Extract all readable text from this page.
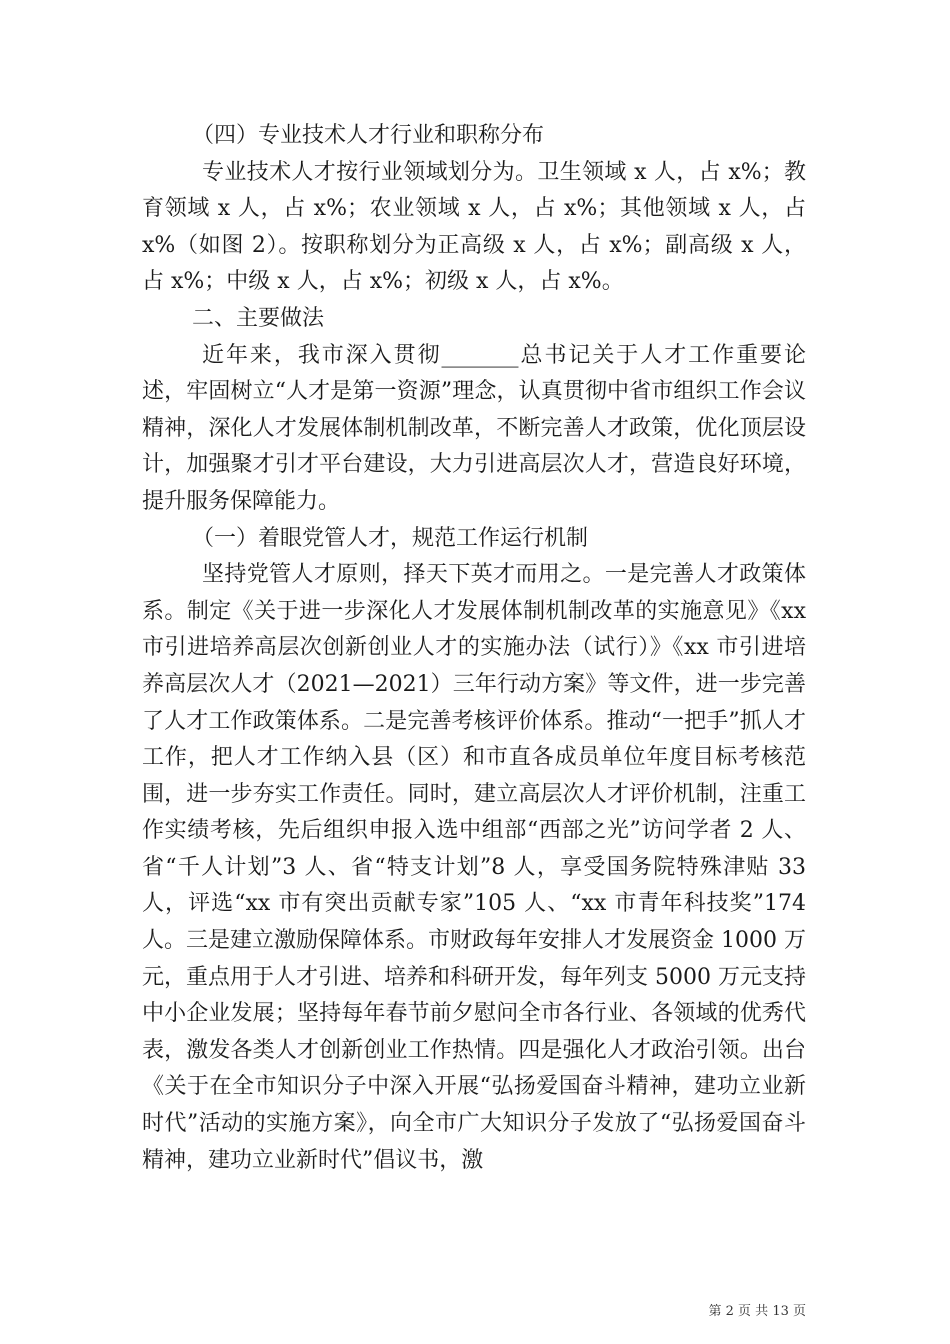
（四）专业技术人才行业和职称分布

专业技术人才按行业领域划分为。卫生领域 x 人，占 x%；教育领域 x 人，占 x%；农业领域 x 人，占 x%；其他领域 x 人，占 x%（如图 2）。按职称划分为正高级 x 人，占 x%；副高级 x 人，占 x%；中级 x 人，占 x%；初级 x 人，占 x%。

二、主要做法

近年来，我市深入贯彻_______总书记关于人才工作重要论述，牢固树立“人才是第一资源”理念，认真贯彻中省市组织工作会议精神，深化人才发展体制机制改革，不断完善人才政策，优化顶层设计，加强聚才引才平台建设，大力引进高层次人才，营造良好环境，提升服务保障能力。

（一）着眼党管人才，规范工作运行机制

坚持党管人才原则，择天下英才而用之。一是完善人才政策体系。制定《关于进一步深化人才发展体制机制改革的实施意见》《xx 市引进培养高层次创新创业人才的实施办法（试行）》《xx 市引进培养高层次人才（2021—2021）三年行动方案》等文件，进一步完善了人才工作政策体系。二是完善考核评价体系。推动“一把手”抓人才工作，把人才工作纳入县（区）和市直各成员单位年度目标考核范围，进一步夯实工作责任。同时，建立高层次人才评价机制，注重工作实绩考核，先后组织申报入选中组部“西部之光”访问学者 2 人、省“千人计划”3 人、省“特支计划”8 人，享受国务院特殊津贴 33 人，评选“xx 市有突出贡献专家”105 人、“xx 市青年科技奖”174 人。三是建立激励保障体系。市财政每年安排人才发展资金 1000 万元，重点用于人才引进、培养和科研开发，每年列支 5000 万元支持中小企业发展；坚持每年春节前夕慰问全市各行业、各领域的优秀代表，激发各类人才创新创业工作热情。四是强化人才政治引领。出台《关于在全市知识分子中深入开展“弘扬爱国奋斗精神，建功立业新时代”活动的实施方案》，向全市广大知识分子发放了“弘扬爱国奋斗精神，建功立业新时代”倡议书，激

第 2 页 共 13 页
